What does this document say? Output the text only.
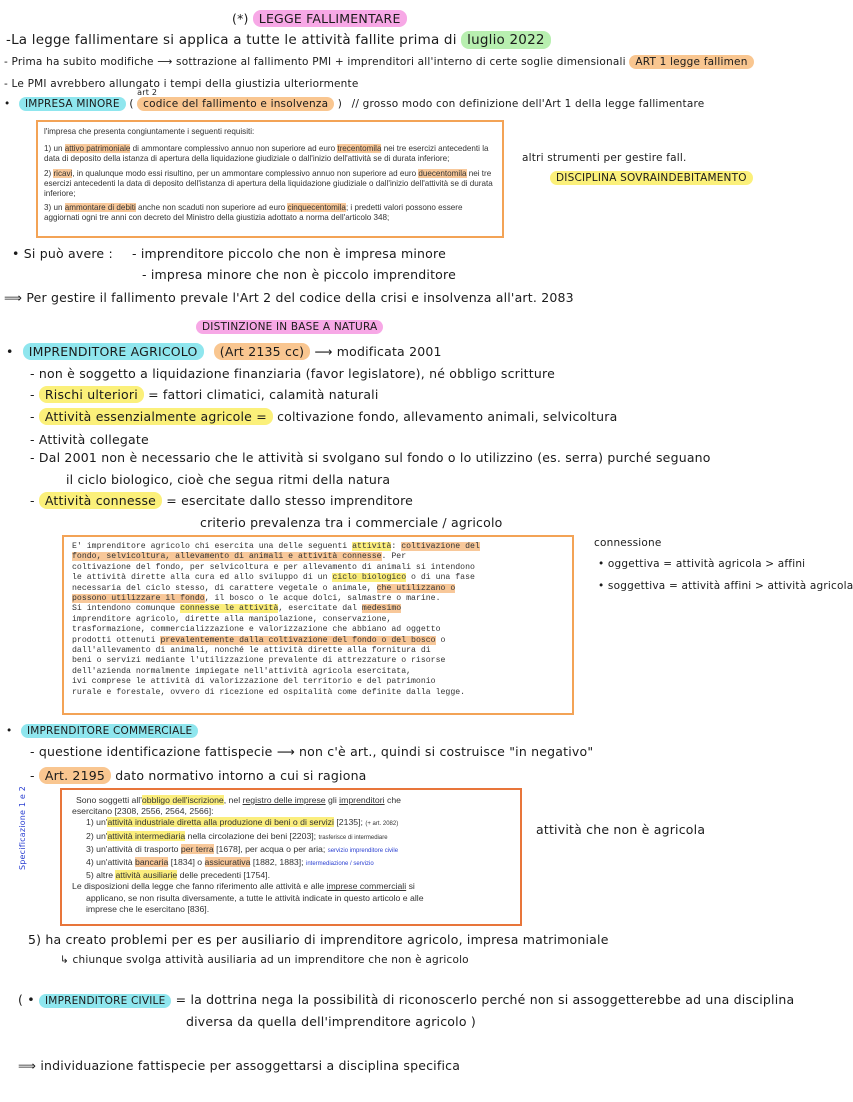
(*) LEGGE FALLIMENTARE
-La legge fallimentare si applica a tutte le attività fallite prima di luglio 2022
- Prima ha subito modifiche ⟶ sottrazione al fallimento PMI + imprenditori all'interno di certe soglie dimensionali ART 1 legge fallimen
- Le PMI avrebbero allungato i tempi della giustizia ulteriormente
• IMPRESA MINORE (
art 2
codice del fallimento e insolvenza ) // grosso modo con definizione dell'Art 1 della legge fallimentare

l'impresa che presenta congiuntamente i seguenti requisiti:

1) un attivo patrimoniale di ammontare complessivo annuo non superiore ad euro trecentomila nei tre esercizi antecedenti la data di deposito della istanza di apertura della liquidazione giudiziale o dall'inizio dell'attività se di durata inferiore;

2) ricavi, in qualunque modo essi risultino, per un ammontare complessivo annuo non superiore ad euro duecentomila nei tre esercizi antecedenti la data di deposito dell'istanza di apertura della liquidazione giudiziale o dall'inizio dell'attività se di durata inferiore;

3) un ammontare di debiti anche non scaduti non superiore ad euro cinquecentomila; i predetti valori possono essere aggiornati ogni tre anni con decreto del Ministro della giustizia adottato a norma dell'articolo 348;

altri strumenti per gestire fall.
DISCIPLINA SOVRAINDEBITAMENTO
• Si può avere : - imprenditore piccolo che non è impresa minore
- impresa minore che non è piccolo imprenditore
⟹ Per gestire il fallimento prevale l'Art 2 del codice della crisi e insolvenza all'art. 2083
DISTINZIONE IN BASE A NATURA
• IMPRENDITORE AGRICOLO (Art 2135 cc) ⟶ modificata 2001
- non è soggetto a liquidazione finanziaria (favor legislatore), né obbligo scritture
- Rischi ulteriori = fattori climatici, calamità naturali
- Attività essenzialmente agricole = coltivazione fondo, allevamento animali, selvicoltura
- Attività collegate
- Dal 2001 non è necessario che le attività si svolgano sul fondo o lo utilizzino (es. serra) purché seguano
il ciclo biologico, cioè che segua ritmi della natura
- Attività connesse = esercitate dallo stesso imprenditore
criterio prevalenza tra i commerciale / agricolo
E' imprenditore agricolo chi esercita una delle seguenti attività: coltivazione del
fondo, selvicoltura, allevamento di animali e attività connesse. Per
coltivazione del fondo, per selvicoltura e per allevamento di animali si intendono
le attività dirette alla cura ed allo sviluppo di un ciclo biologico o di una fase
necessaria del ciclo stesso, di carattere vegetale o animale, che utilizzano o
possono utilizzare il fondo, il bosco o le acque dolci, salmastre o marine.
Si intendono comunque connesse le attività, esercitate dal medesimo
imprenditore agricolo, dirette alla manipolazione, conservazione,
trasformazione, commercializzazione e valorizzazione che abbiano ad oggetto
prodotti ottenuti prevalentemente dalla coltivazione del fondo o del bosco o
dall'allevamento di animali, nonché le attività dirette alla fornitura di
beni o servizi mediante l'utilizzazione prevalente di attrezzature o risorse
dell'azienda normalmente impiegate nell'attività agricola esercitata,
ivi comprese le attività di valorizzazione del territorio e del patrimonio
rurale e forestale, ovvero di ricezione ed ospitalità come definite dalla legge.
connessione
• oggettiva = attività agricola > affini
• soggettiva = attività affini > attività agricola
• IMPRENDITORE COMMERCIALE
- questione identificazione fattispecie ⟶ non c'è art., quindi si costruisce "in negativo"
- Art. 2195 dato normativo intorno a cui si ragiona
Sono soggetti all'obbligo dell'iscrizione, nel registro delle imprese gli imprenditori che
esercitano [2308, 2556, 2564, 2566]:
1) un'attività industriale diretta alla produzione di beni o di servizi [2135]; (+ art. 2082)
2) un'attività intermediaria nella circolazione dei beni [2203]; trasferisce di intermediare
3) un'attività di trasporto per terra [1678], per acqua o per aria; servizio imprenditore civile
4) un'attività bancaria [1834] o assicurativa [1882, 1883]; intermediazione / servizio
5) altre attività ausiliarie delle precedenti [1754].
Le disposizioni della legge che fanno riferimento alle attività e alle imprese commerciali si
applicano, se non risulta diversamente, a tutte le attività indicate in questo articolo e alle
imprese che le esercitano [836].
Specificazione 1 e 2	attività che non è agricola
5) ha creato problemi per es per ausiliario di imprenditore agricolo, impresa matrimoniale
↳ chiunque svolga attività ausiliaria ad un imprenditore che non è agricolo
( • IMPRENDITORE CIVILE = la dottrina nega la possibilità di riconoscerlo perché non si assoggetterebbe ad una disciplina
diversa da quella dell'imprenditore agricolo )
⟹ individuazione fattispecie per assoggettarsi a disciplina specifica
